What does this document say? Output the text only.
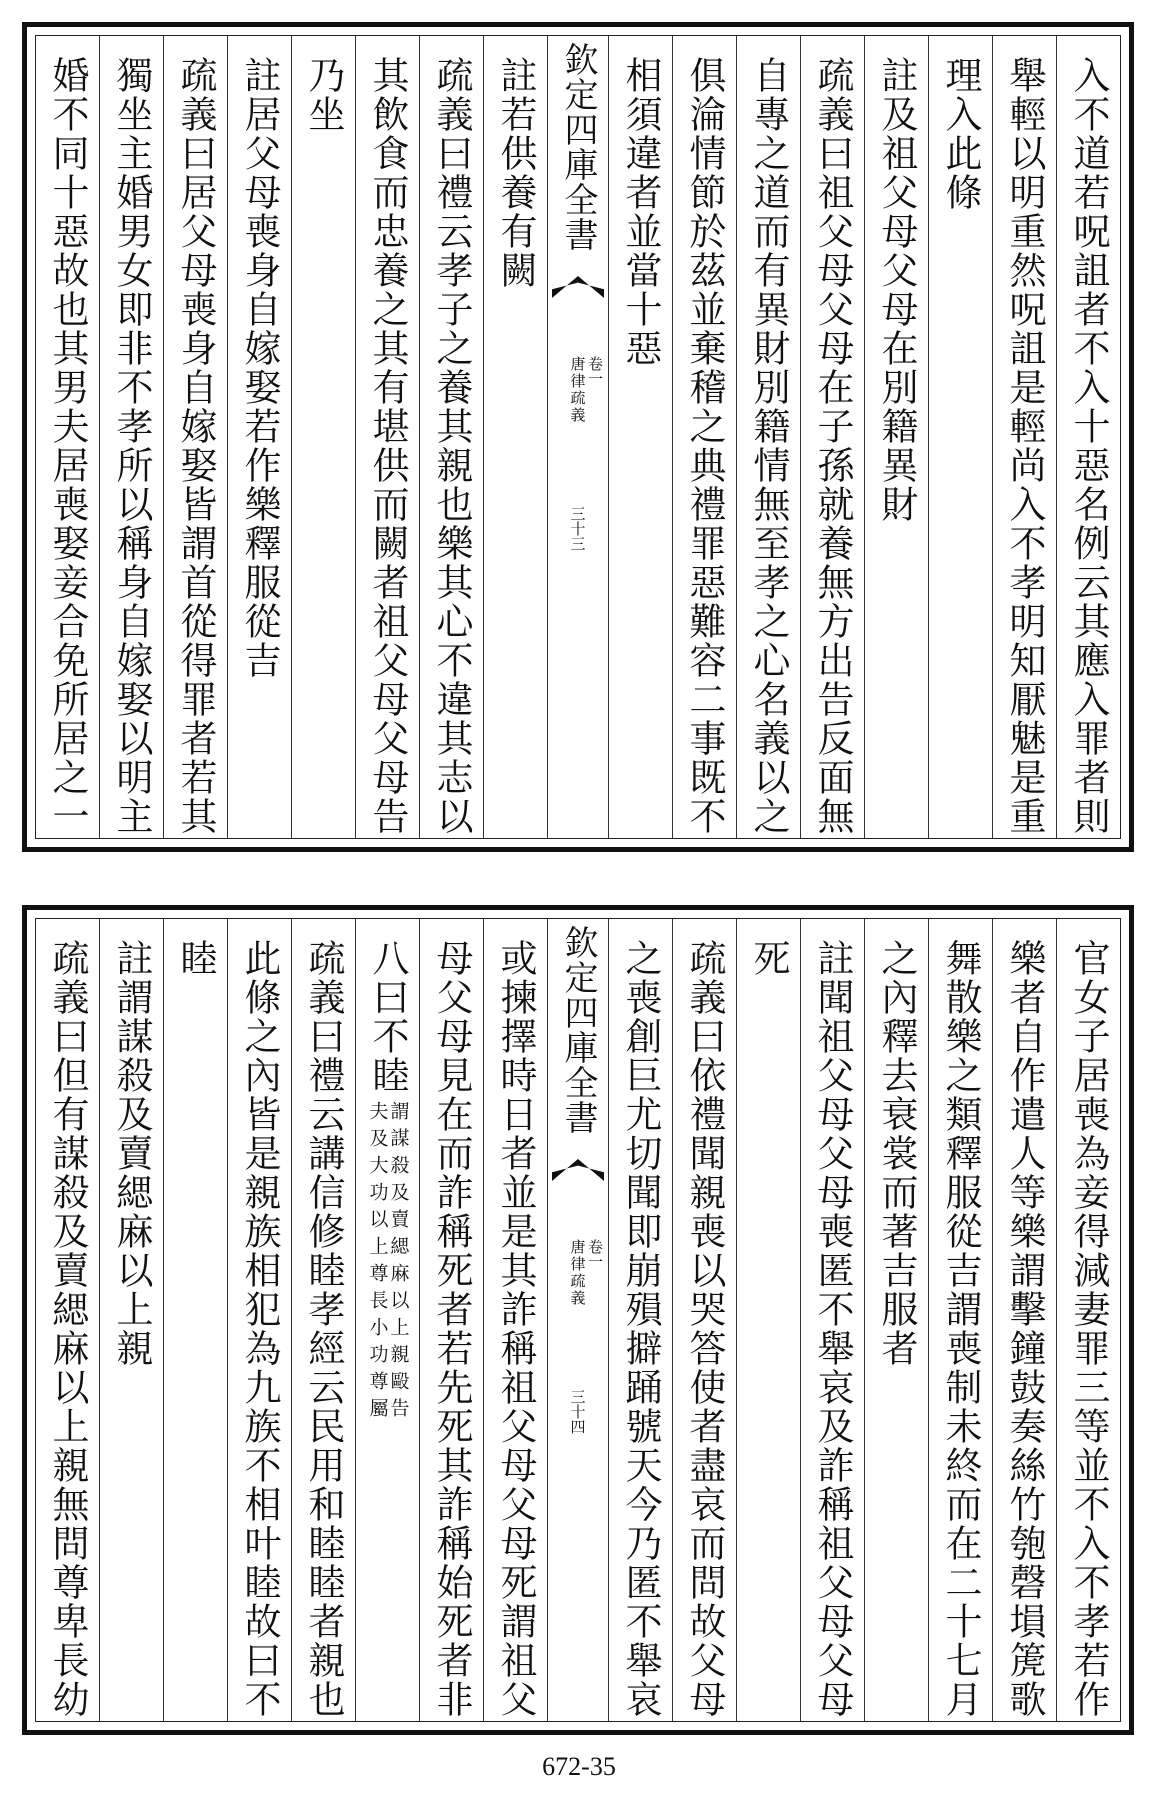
入不道若呪詛者不入十惡名例云其應入罪者則
舉輕以明重然呪詛是輕尚入不孝明知厭魅是重
理入此條
註及祖父母父母在別籍異財
疏義曰祖父母父母在子孫就養無方出告反面無
自專之道而有異財別籍情無至孝之心名義以之
俱淪情節於茲並棄稽之典禮罪惡難容二事既不
相須違者並當十惡
欽定四庫全書
唐律疏義 卷一
三十三
註若供養有闕
疏義曰禮云孝子之養其親也樂其心不違其志以
其飲食而忠養之其有堪供而闕者祖父母父母告
乃坐
註居父母喪身自嫁娶若作樂釋服從吉
疏義曰居父母喪身自嫁娶皆謂首從得罪者若其
獨坐主婚男女即非不孝所以稱身自嫁娶以明主
婚不同十惡故也其男夫居喪娶妾合免所居之一
官女子居喪為妾得減妻罪三等並不入不孝若作
樂者自作遣人等樂謂擊鐘鼓奏絲竹匏磬塤箎歌
舞散樂之類釋服從吉謂喪制未終而在二十七月
之內釋去衰裳而著吉服者
註聞祖父母父母喪匿不舉哀及詐稱祖父母父母
死
疏義曰依禮聞親喪以哭答使者盡哀而問故父母
之喪創巨尤切聞即崩殞擗踊號天今乃匿不舉哀
欽定四庫全書
唐律疏義 卷一
三十四
或揀擇時日者並是其詐稱祖父母父母死謂祖父
母父母見在而詐稱死者若先死其詐稱始死者非
八曰不睦
謂謀殺及賣緦麻以上親毆告
夫及大功以上尊長小功尊屬
疏義曰禮云講信修睦孝經云民用和睦睦者親也
此條之內皆是親族相犯為九族不相叶睦故曰不
睦
註謂謀殺及賣緦麻以上親
疏義曰但有謀殺及賣緦麻以上親無問尊卑長幼
672-35
